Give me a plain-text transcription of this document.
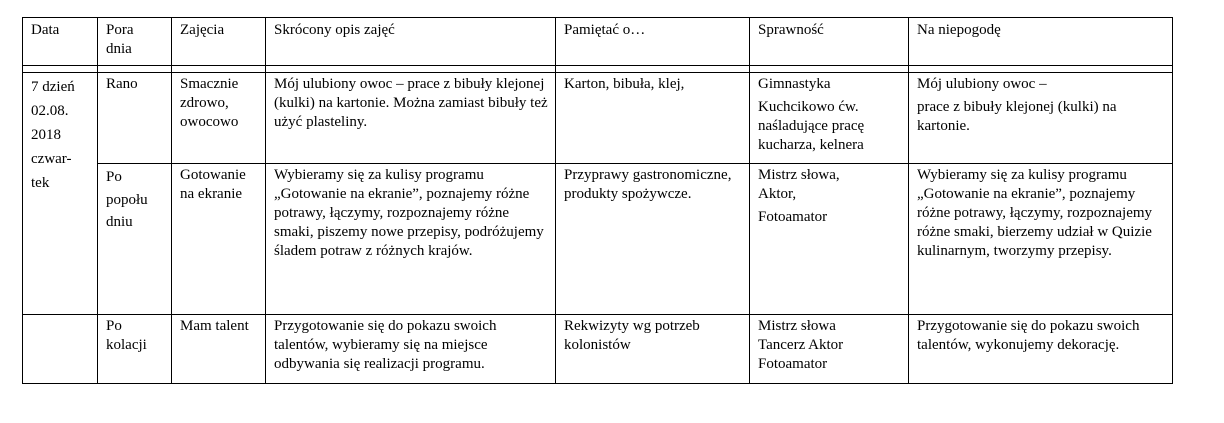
Data	Pora dnia	Zajęcia	Skrócony opis zajęć	Pamiętać o…	Sprawność	Na niepogodę

7 dzień
02.08.
2018
czwar-
tek	Rano	Smacznie zdrowo, owocowo	Mój ulubiony owoc – prace z bibuły klejonej (kulki) na kartonie. Można zamiast bibuły też użyć plasteliny.	Karton, bibuła, klej,	Gimnastyka
Kuchcikowo ćw. naśladujące pracę kucharza, kelnera	Mój ulubiony owoc –
prace z bibuły klejonej (kulki) na kartonie.

	Po
popołu
dniu	Gotowanie na ekranie	Wybieramy się za kulisy programu „Gotowanie na ekranie”, poznajemy różne potrawy, łączymy, rozpoznajemy różne smaki, piszemy nowe przepisy, podróżujemy śladem potraw z różnych krajów.	Przyprawy gastronomiczne, produkty spożywcze.	Mistrz słowa,
Aktor,
Fotoamator	Wybieramy się za kulisy programu „Gotowanie na ekranie”, poznajemy różne potrawy, łączymy, rozpoznajemy różne smaki, bierzemy udział w Quizie kulinarnym, tworzymy przepisy.
	Po kolacji	Mam talent	Przygotowanie się do pokazu swoich talentów, wybieramy się na miejsce odbywania się realizacji programu.	Rekwizyty wg potrzeb kolonistów	Mistrz słowa
Tancerz Aktor
Fotoamator	Przygotowanie się do pokazu swoich talentów, wykonujemy dekorację.
